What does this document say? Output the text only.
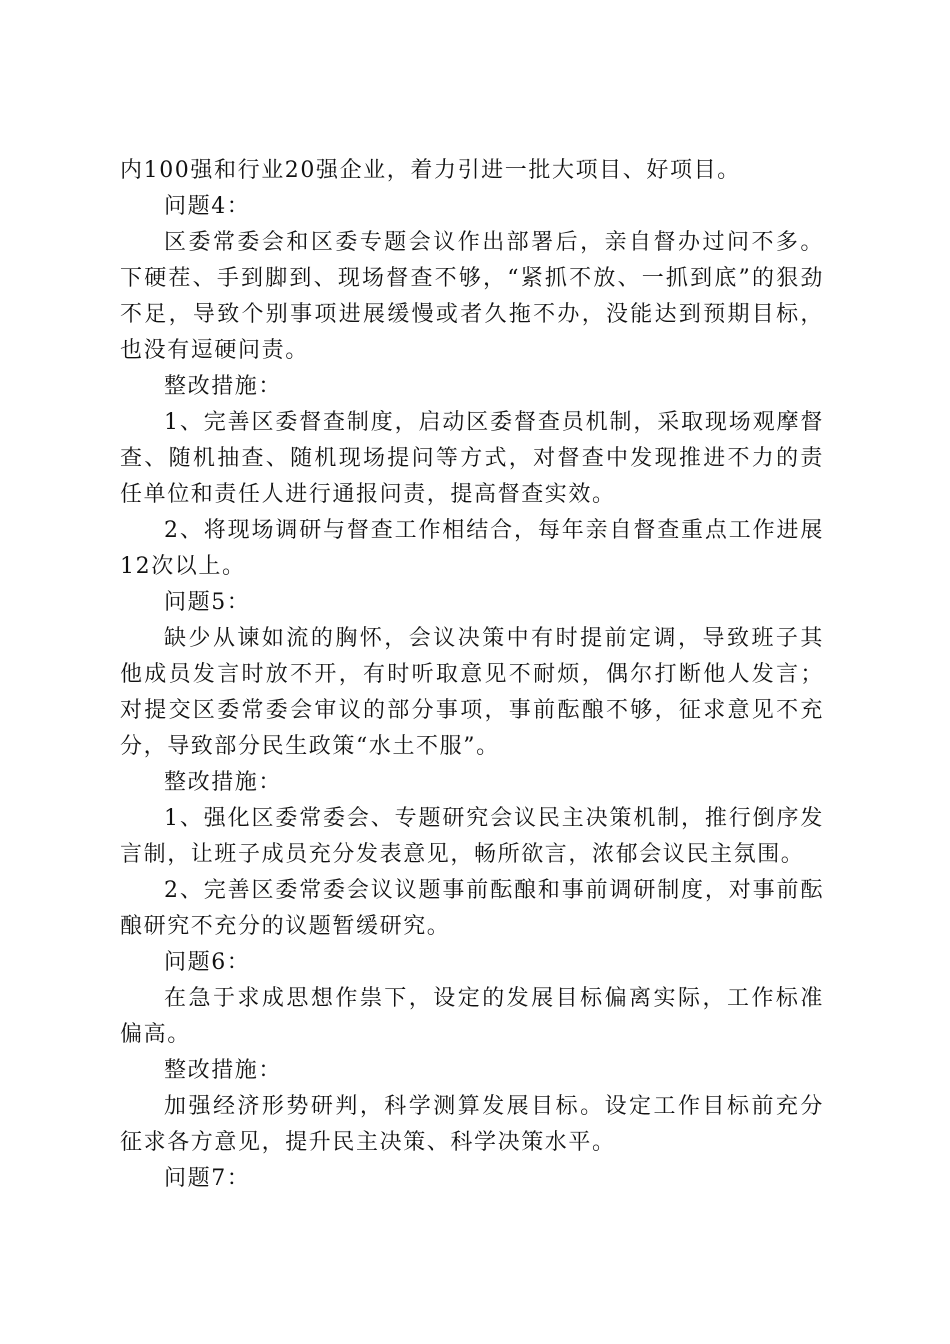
内100强和行业20强企业，着力引进一批大项目、好项目。

问题4：

区委常委会和区委专题会议作出部署后，亲自督办过问不多。下硬茬、手到脚到、现场督查不够，“紧抓不放、一抓到底”的狠劲不足，导致个别事项进展缓慢或者久拖不办，没能达到预期目标，也没有逗硬问责。

整改措施：

1、完善区委督查制度，启动区委督查员机制，采取现场观摩督查、随机抽查、随机现场提问等方式，对督查中发现推进不力的责任单位和责任人进行通报问责，提高督查实效。

2、将现场调研与督查工作相结合，每年亲自督查重点工作进展12次以上。

问题5：

缺少从谏如流的胸怀，会议决策中有时提前定调，导致班子其他成员发言时放不开，有时听取意见不耐烦，偶尔打断他人发言；对提交区委常委会审议的部分事项，事前酝酿不够，征求意见不充分，导致部分民生政策“水土不服”。

整改措施：

1、强化区委常委会、专题研究会议民主决策机制，推行倒序发言制，让班子成员充分发表意见，畅所欲言，浓郁会议民主氛围。

2、完善区委常委会议议题事前酝酿和事前调研制度，对事前酝酿研究不充分的议题暂缓研究。

问题6：

在急于求成思想作祟下，设定的发展目标偏离实际，工作标准偏高。

整改措施：

加强经济形势研判，科学测算发展目标。设定工作目标前充分征求各方意见，提升民主决策、科学决策水平。

问题7：
